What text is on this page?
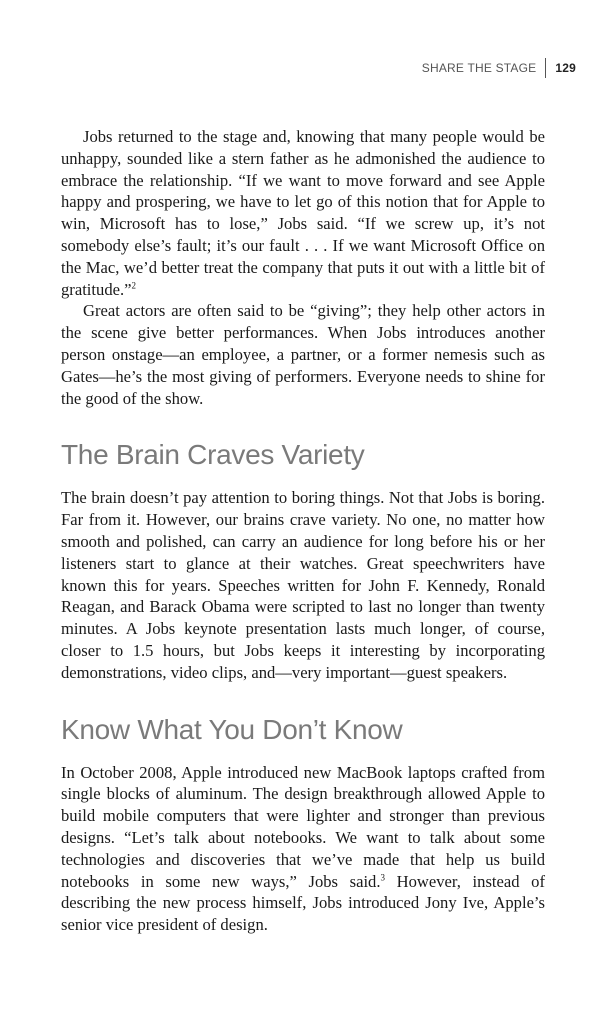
SHARE THE STAGE	129

Jobs returned to the stage and, knowing that many people would be unhappy, sounded like a stern father as he admonished the audience to embrace the relationship. “If we want to move forward and see Apple happy and prospering, we have to let go of this notion that for Apple to win, Microsoft has to lose,” Jobs said. “If we screw up, it’s not somebody else’s fault; it’s our fault . . . If we want Microsoft Office on the Mac, we’d better treat the company that puts it out with a little bit of gratitude.”$^2$

Great actors are often said to be “giving”; they help other actors in the scene give better performances. When Jobs introduces another person onstage—an employee, a partner, or a former nemesis such as Gates—he’s the most giving of performers. Everyone needs to shine for the good of the show.

The Brain Craves Variety

The brain doesn’t pay attention to boring things. Not that Jobs is boring. Far from it. However, our brains crave variety. No one, no matter how smooth and polished, can carry an audience for long before his or her listeners start to glance at their watches. Great speechwriters have known this for years. Speeches written for John F. Kennedy, Ronald Reagan, and Barack Obama were scripted to last no longer than twenty minutes. A Jobs keynote presentation lasts much longer, of course, closer to 1.5 hours, but Jobs keeps it interesting by incorporating demonstrations, video clips, and—very important—guest speakers.

Know What You Don’t Know

In October 2008, Apple introduced new MacBook laptops crafted from single blocks of aluminum. The design breakthrough allowed Apple to build mobile computers that were lighter and stronger than previous designs. “Let’s talk about notebooks. We want to talk about some technologies and discoveries that we’ve made that help us build notebooks in some new ways,” Jobs said.$^3$ However, instead of describing the new process himself, Jobs introduced Jony Ive, Apple’s senior vice president of design.
